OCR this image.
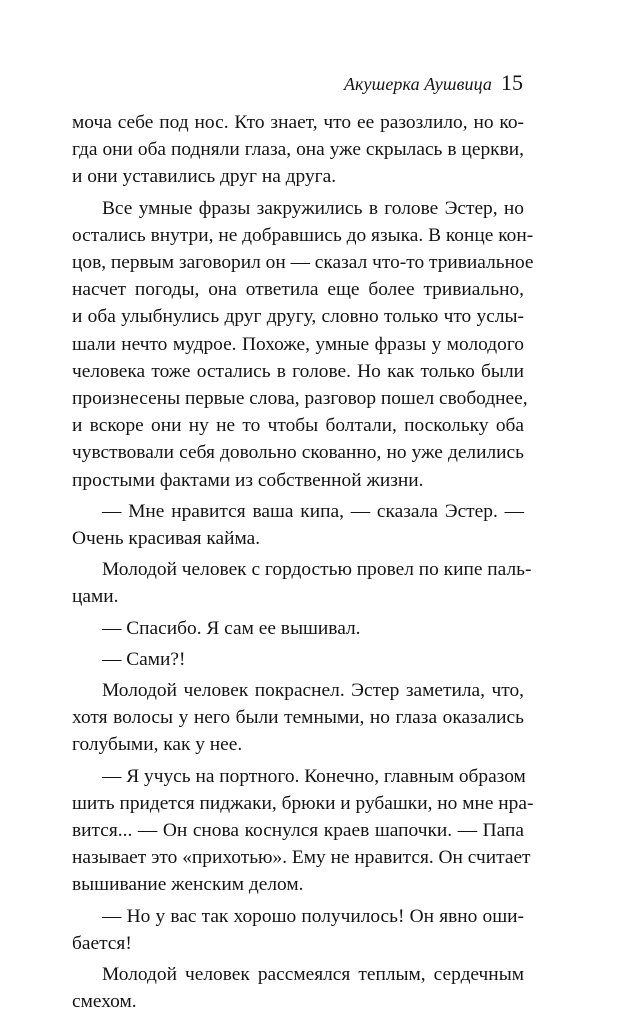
Акушерка Аушвица 15

моча себе под нос. Кто знает, что ее разозлило, но ко-
гда они оба подняли глаза, она уже скрылась в церкви,
и они уставились друг на друга.

Все умные фразы закружились в голове Эстер, но
остались внутри, не добравшись до языка. В конце кон-
цов, первым заговорил он — сказал что-то тривиальное
насчет погоды, она ответила еще более тривиально,
и оба улыбнулись друг другу, словно только что услы-
шали нечто мудрое. Похоже, умные фразы у молодого
человека тоже остались в голове. Но как только были
произнесены первые слова, разговор пошел свободнее,
и вскоре они ну не то чтобы болтали, поскольку оба
чувствовали себя довольно скованно, но уже делились
простыми фактами из собственной жизни.

— Мне нравится ваша кипа, — сказала Эстер. —
Очень красивая кайма.

Молодой человек с гордостью провел по кипе паль-
цами.

— Спасибо. Я сам ее вышивал.

— Сами?!

Молодой человек покраснел. Эстер заметила, что,
хотя волосы у него были темными, но глаза оказались
голубыми, как у нее.

— Я учусь на портного. Конечно, главным образом
шить придется пиджаки, брюки и рубашки, но мне нра-
вится... — Он снова коснулся краев шапочки. — Папа
называет это «прихотью». Ему не нравится. Он считает
вышивание женским делом.

— Но у вас так хорошо получилось! Он явно оши-
бается!

Молодой человек рассмеялся теплым, сердечным
смехом.
